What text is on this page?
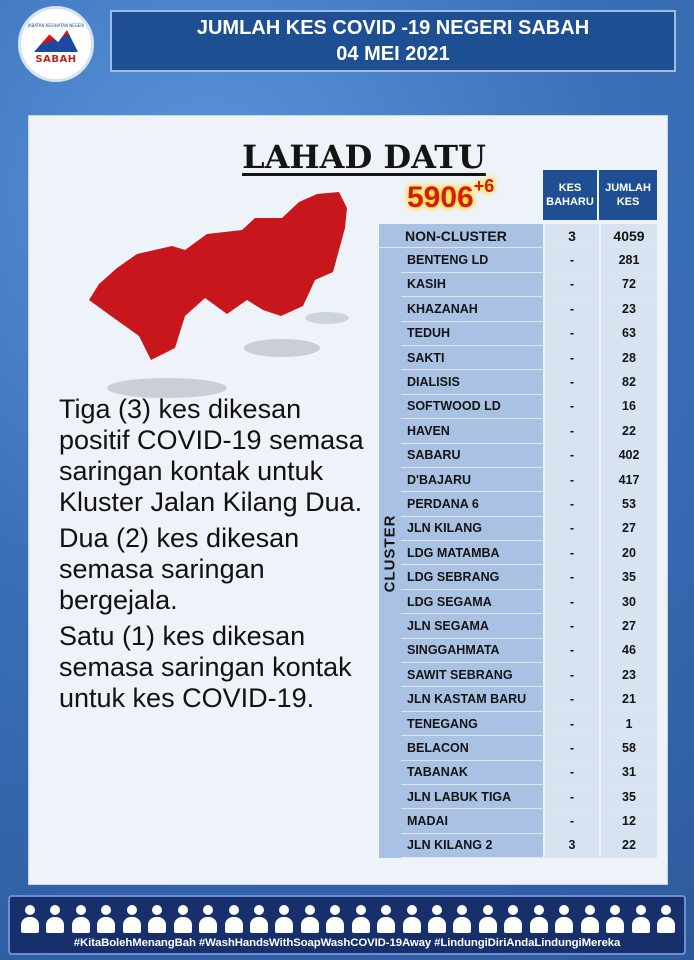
JABATAN KESIHATAN NEGERI
SABAH
JUMLAH KES COVID -19 NEGERI SABAH
04 MEI 2021
LAHAD DATU
$5906^{+6}$

Tiga (3) kes dikesan positif COVID-19 semasa saringan kontak untuk Kluster Jalan Kilang Dua.

Dua (2) kes dikesan semasa saringan bergejala.

Satu (1) kes dikesan semasa saringan kontak untuk kes COVID-19.

KES BAHARU
JUMLAH KES
NON-CLUSTER	3	4059
CLUSTER
BENTENG LD	-	281
KASIH	-	72
KHAZANAH	-	23
TEDUH	-	63
SAKTI	-	28
DIALISIS	-	82
SOFTWOOD LD	-	16
HAVEN	-	22
SABARU	-	402
D'BAJARU	-	417
PERDANA 6	-	53
JLN KILANG	-	27
LDG MATAMBA	-	20
LDG SEBRANG	-	35
LDG SEGAMA	-	30
JLN SEGAMA	-	27
SINGGAHMATA	-	46
SAWIT SEBRANG	-	23
JLN KASTAM BARU	-	21
TENEGANG	-	1
BELACON	-	58
TABANAK	-	31
JLN LABUK TIGA	-	35
MADAI	-	12
JLN KILANG 2	3	22
#KitaBolehMenangBah #WashHandsWithSoapWashCOVID-19Away #LindungiDiriAndaLindungiMereka
